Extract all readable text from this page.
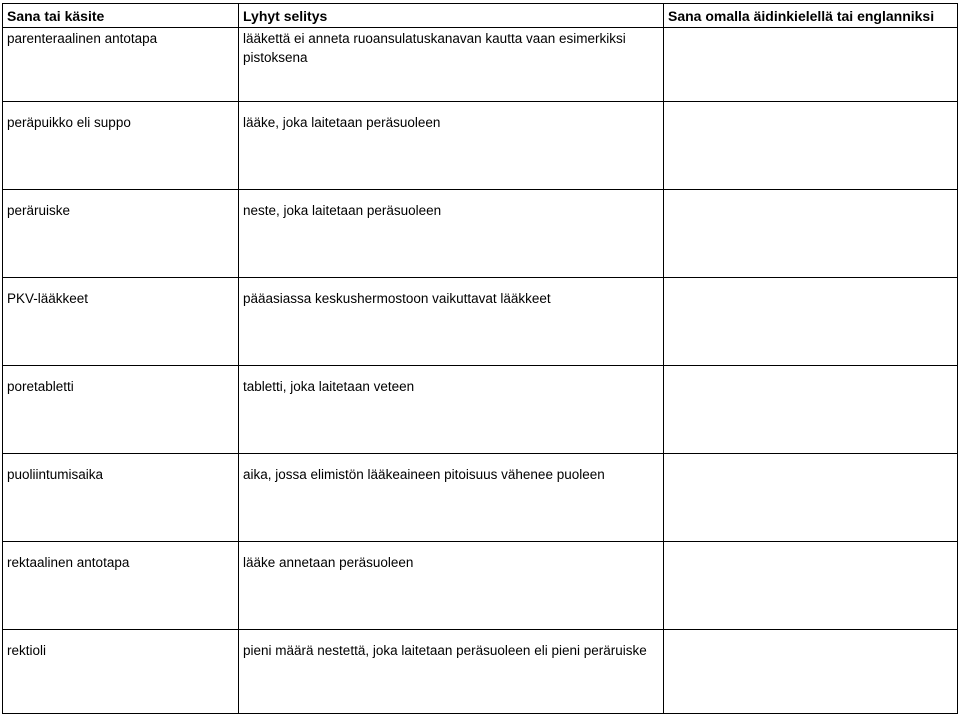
Sana tai käsite	Lyhyt selitys	Sana omalla äidinkielellä tai englanniksi
parenteraalinen antotapa	lääkettä ei anneta ruoansulatuskanavan kautta vaan esimerkiksi pistoksena	
peräpuikko eli suppo	lääke, joka laitetaan peräsuoleen	
peräruiske	neste, joka laitetaan peräsuoleen	
PKV-lääkkeet	pääasiassa keskushermostoon vaikuttavat lääkkeet	
poretabletti	tabletti, joka laitetaan veteen	
puoliintumisaika	aika, jossa elimistön lääkeaineen pitoisuus vähenee puoleen	
rektaalinen antotapa	lääke annetaan peräsuoleen	
rektioli	pieni määrä nestettä, joka laitetaan peräsuoleen eli pieni peräruiske	
